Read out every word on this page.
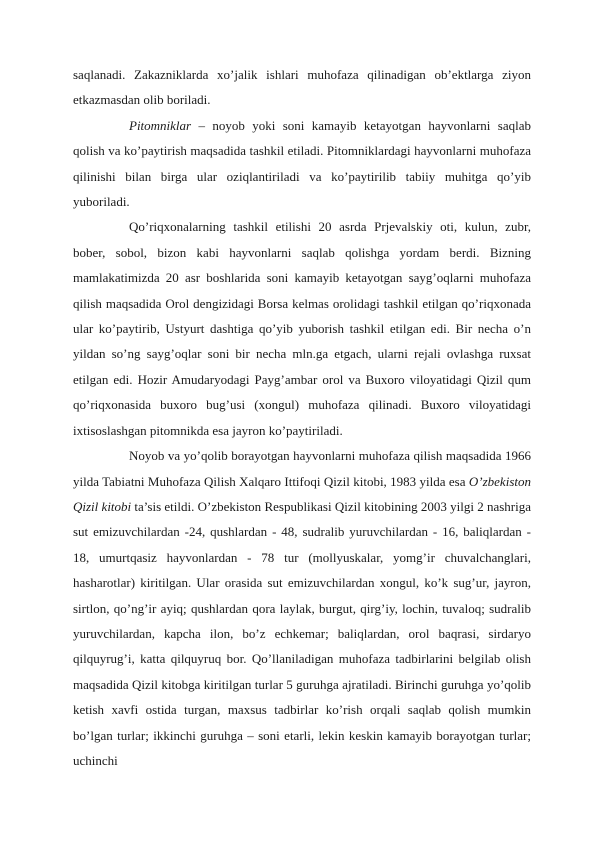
saqlanadi. Zakazniklarda xo’jalik ishlari muhofaza qilinadigan ob’ektlarga ziyon etkazmasdan olib boriladi.

Pitomniklar – noyob yoki soni kamayib ketayotgan hayvonlarni saqlab qolish va ko’paytirish maqsadida tashkil etiladi. Pitomniklardagi hayvonlarni muhofaza qilinishi bilan birga ular oziqlantiriladi va ko’paytirilib tabiiy muhitga qo’yib yuboriladi.

Qo’riqxonalarning tashkil etilishi 20 asrda Prjevalskiy oti, kulun, zubr, bober, sobol, bizon kabi hayvonlarni saqlab qolishga yordam berdi. Bizning mamlakatimizda 20 asr boshlarida soni kamayib ketayotgan sayg’oqlarni muhofaza qilish maqsadida Orol dengizidagi Borsa kelmas orolidagi tashkil etilgan qo’riqxonada ular ko’paytirib, Ustyurt dashtiga qo’yib yuborish tashkil etilgan edi. Bir necha o’n yildan so’ng sayg’oqlar soni bir necha mln.ga etgach, ularni rejali ovlashga ruxsat etilgan edi. Hozir Amudaryodagi Payg’ambar orol va Buxoro viloyatidagi Qizil qum qo’riqxonasida buxoro bug’usi (xongul) muhofaza qilinadi. Buxoro viloyatidagi ixtisoslashgan pitomnikda esa jayron ko’paytiriladi.

Noyob va yo’qolib borayotgan hayvonlarni muhofaza qilish maqsadida 1966 yilda Tabiatni Muhofaza Qilish Xalqaro Ittifoqi Qizil kitobi, 1983 yilda esa O’zbekiston Qizil kitobi ta’sis etildi. O’zbekiston Respublikasi Qizil kitobining 2003 yilgi 2 nashriga sut emizuvchilardan -24, qushlardan - 48, sudralib yuruvchilardan - 16, baliqlardan - 18, umurtqasiz hayvonlardan - 78 tur (mollyuskalar, yomg’ir chuvalchanglari, hasharotlar) kiritilgan. Ular orasida sut emizuvchilardan xongul, ko’k sug’ur, jayron, sirtlon, qo’ng’ir ayiq; qushlardan qora laylak, burgut, qirg’iy, lochin, tuvaloq; sudralib yuruvchilardan, kapcha ilon, bo’z echkemar; baliqlardan, orol baqrasi, sirdaryo qilquyrug’i, katta qilquyruq bor. Qo’llaniladigan muhofaza tadbirlarini belgilab olish maqsadida Qizil kitobga kiritilgan turlar 5 guruhga ajratiladi. Birinchi guruhga yo’qolib ketish xavfi ostida turgan, maxsus tadbirlar ko’rish orqali saqlab qolish mumkin bo’lgan turlar; ikkinchi guruhga – soni etarli, lekin keskin kamayib borayotgan turlar; uchinchi
